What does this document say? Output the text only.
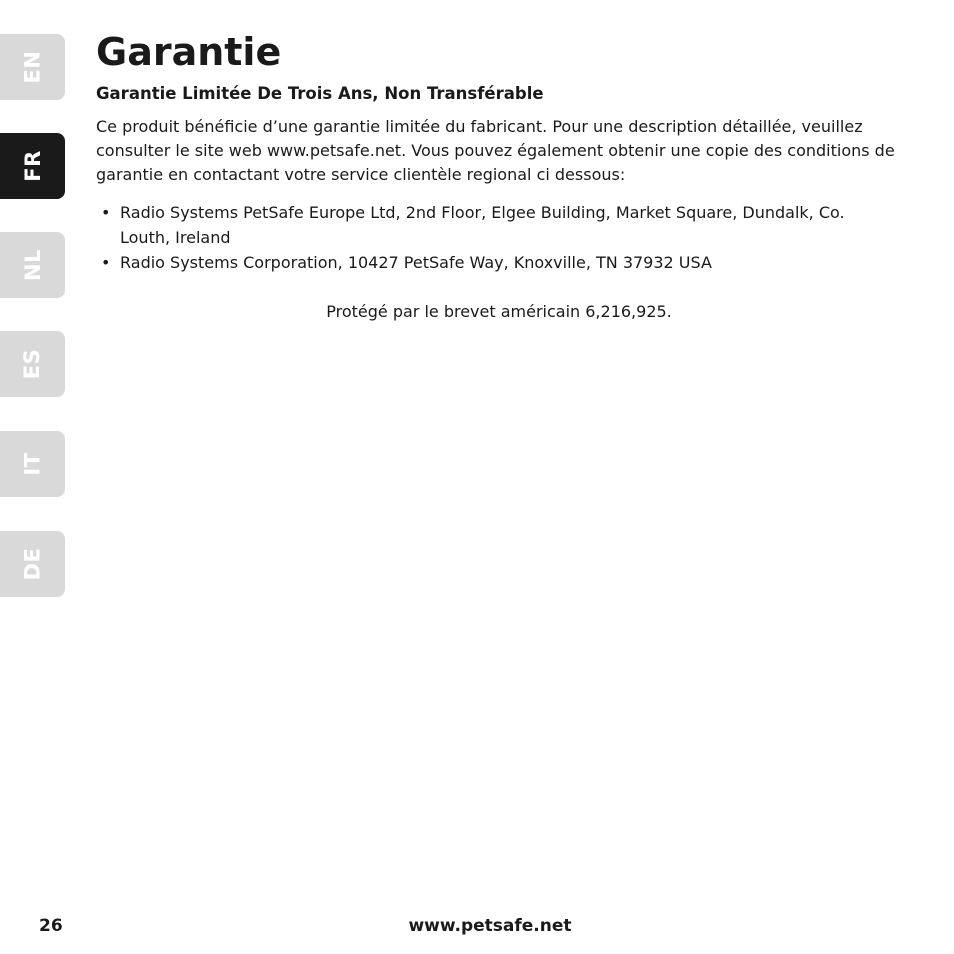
EN
FR
NL
ES
IT
DE
Garantie
Garantie Limitée De Trois Ans, Non Transférable

Ce produit bénéficie d’une garantie limitée du fabricant. Pour une description détaillée, veuillez consulter le site web www.petsafe.net. Vous pouvez également obtenir une copie des conditions de garantie en contactant votre service clientèle regional ci dessous:

• Radio Systems PetSafe Europe Ltd, 2nd Floor, Elgee Building, Market Square, Dundalk, Co. Louth, Ireland
• Radio Systems Corporation, 10427 PetSafe Way, Knoxville, TN 37932 USA

Protégé par le brevet américain 6,216,925.

26	www.petsafe.net
